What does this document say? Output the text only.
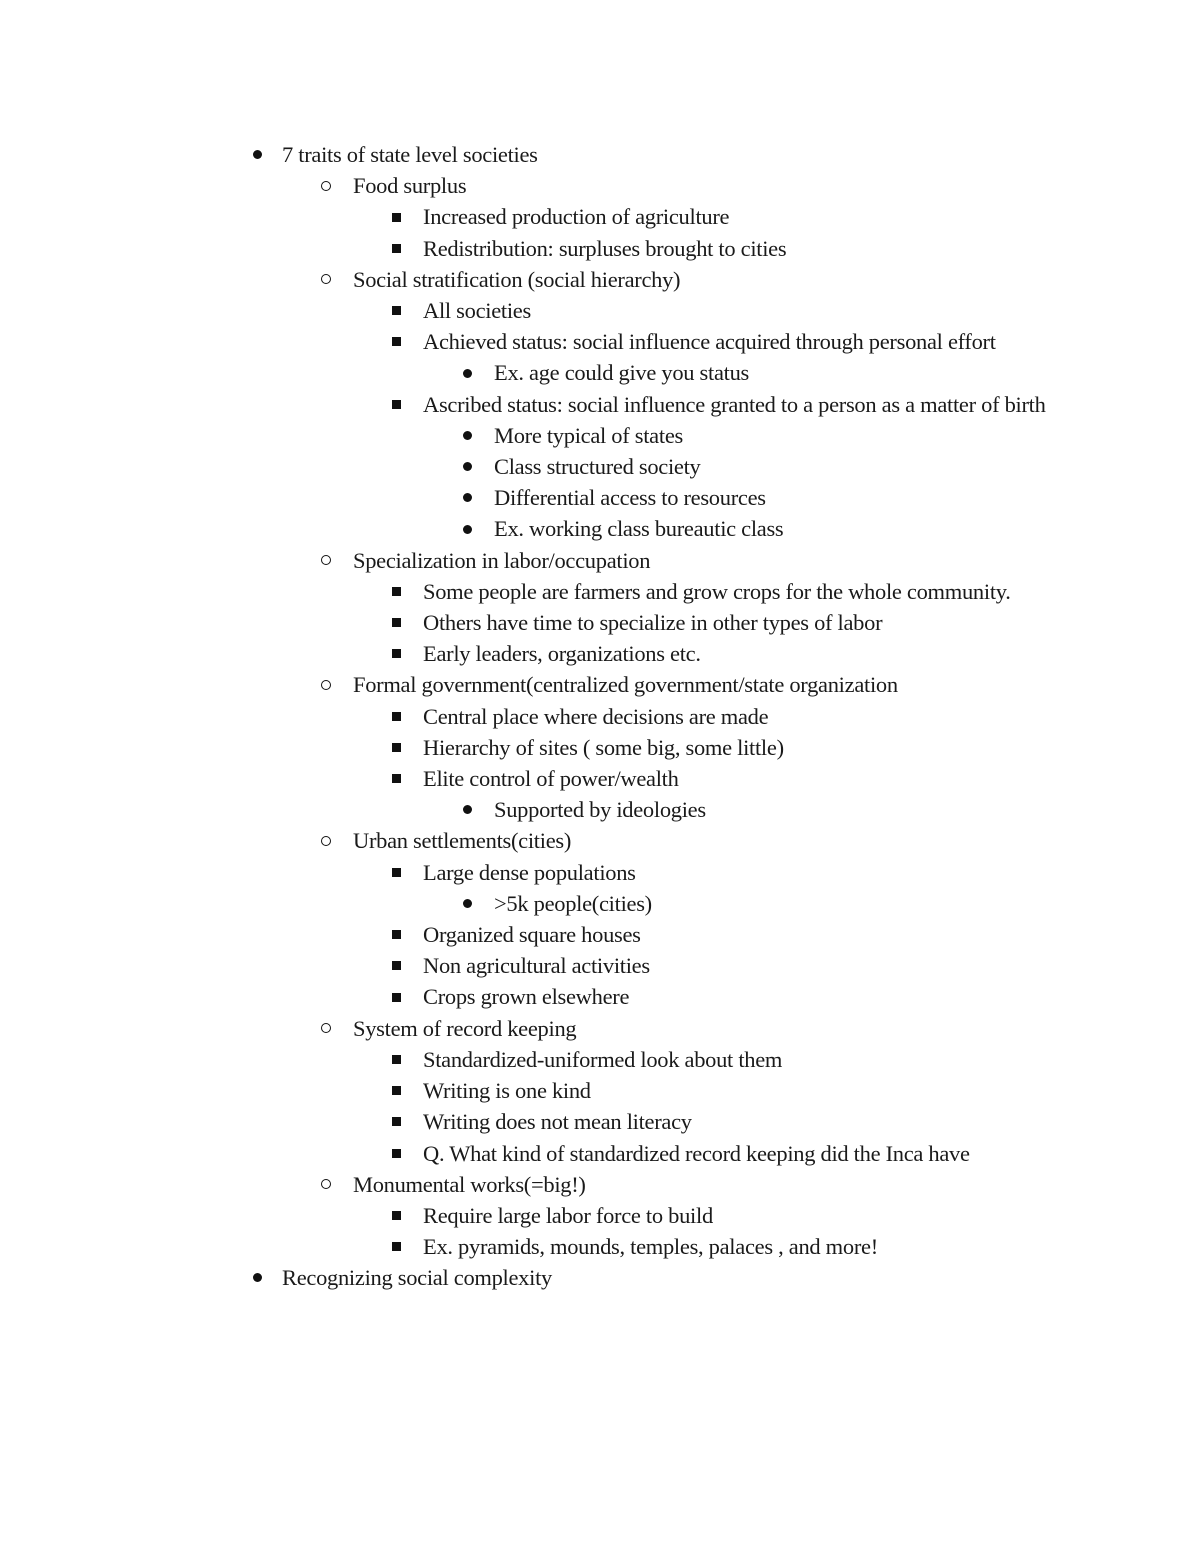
7 traits of state level societies
Food surplus
Increased production of agriculture
Redistribution: surpluses brought to cities
Social stratification (social hierarchy)
All societies
Achieved status: social influence acquired through personal effort
Ex. age could give you status
Ascribed status: social influence granted to a person as a matter of birth
More typical of states
Class structured society
Differential access to resources
Ex. working class bureautic class
Specialization in labor/occupation
Some people are farmers and grow crops for the whole community.
Others have time to specialize in other types of labor
Early leaders, organizations etc.
Formal government(centralized government/state organization
Central place where decisions are made
Hierarchy of sites ( some big, some little)
Elite control of power/wealth
Supported by ideologies
Urban settlements(cities)
Large dense populations
>5k people(cities)
Organized square houses
Non agricultural activities
Crops grown elsewhere
System of record keeping
Standardized-uniformed look about them
Writing is one kind
Writing does not mean literacy
Q. What kind of standardized record keeping did the Inca have
Monumental works(=big!)
Require large labor force to build
Ex. pyramids, mounds, temples, palaces , and more!
Recognizing social complexity
